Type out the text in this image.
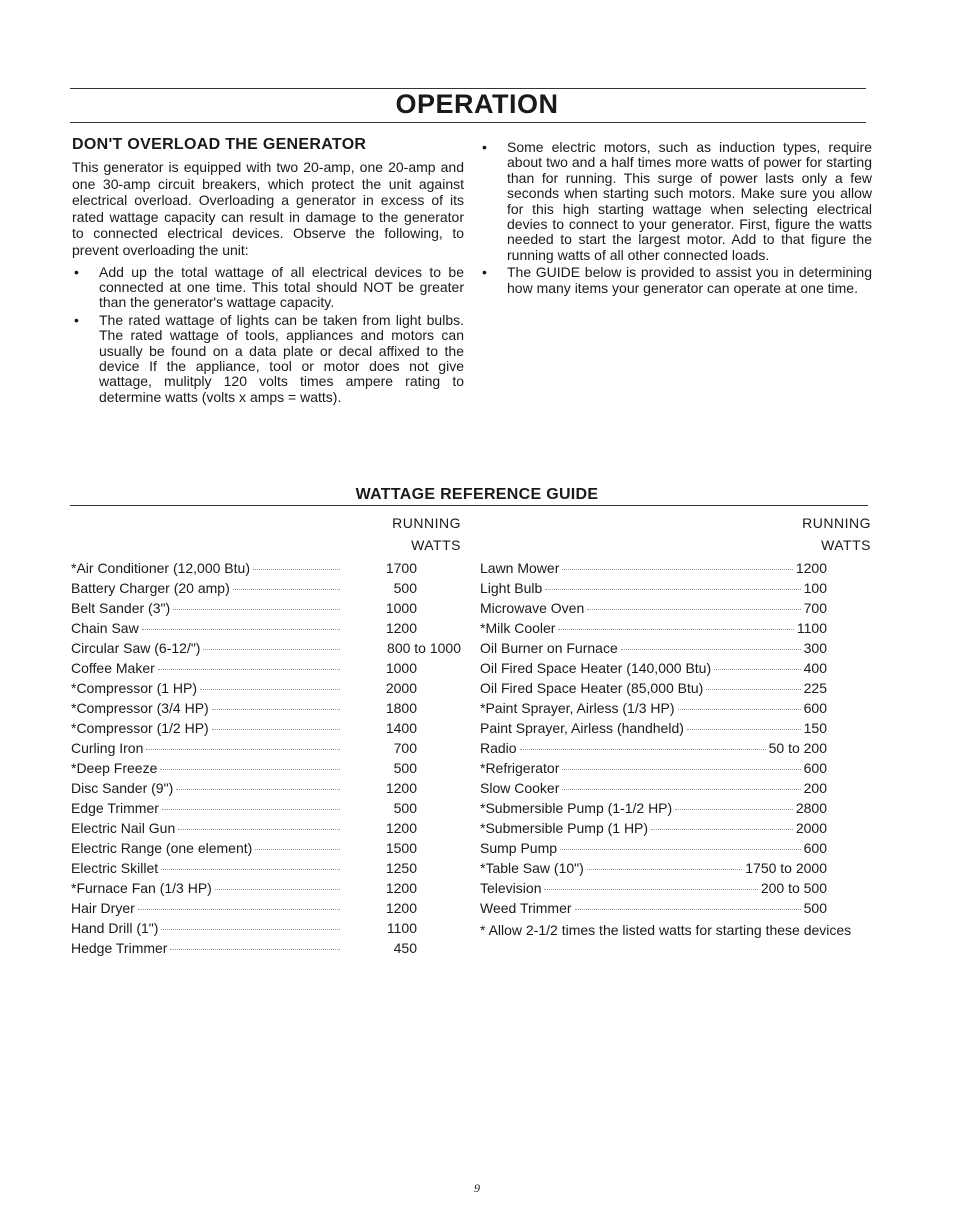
OPERATION
DON'T OVERLOAD THE GENERATOR

This generator is equipped with two 20-amp, one 20-amp and one 30-amp circuit breakers, which protect the unit against electrical overload. Overloading a generator in excess of its rated wattage capacity can result in damage to the generator to connected electrical devices. Observe the following, to prevent overloading the unit:

• Add up the total wattage of all electrical devices to be connected at one time. This total should NOT be greater than the generator's wattage capacity.
• The rated wattage of lights can be taken from light bulbs. The rated wattage of tools, appliances and motors can usually be found on a data plate or decal affixed to the device If the appliance, tool or motor does not give wattage, mulitply 120 volts times ampere rating to determine watts (volts x amps = watts).
• Some electric motors, such as induction types, require about two and a half times more watts of power for starting than for running. This surge of power lasts only a few seconds when starting such motors. Make sure you allow for this high starting wattage when selecting electrical devies to connect to your generator. First, figure the watts needed to start the largest motor. Add to that figure the running watts of all other connected loads.
• The GUIDE below is provided to assist you in determining how many items your generator can operate at one time.
WATTAGE REFERENCE GUIDE
RUNNING
WATTS
*Air Conditioner (12,000 Btu)	1700
Battery Charger (20 amp)	500
Belt Sander (3")	1000
Chain Saw	1200
Circular Saw (6-12/")	800 to 1000
Coffee Maker	1000
*Compressor (1 HP)	2000
*Compressor (3/4 HP)	1800
*Compressor (1/2 HP)	1400
Curling Iron	700
*Deep Freeze	500
Disc Sander (9")	1200
Edge Trimmer	500
Electric Nail Gun	1200
Electric Range (one element)	1500
Electric Skillet	1250
*Furnace Fan (1/3 HP)	1200
Hair Dryer	1200
Hand Drill (1")	1100
Hedge Trimmer	450
RUNNING
WATTS
Lawn Mower	1200
Light Bulb	100
Microwave Oven	700
*Milk Cooler	1100
Oil Burner on Furnace	300
Oil Fired Space Heater (140,000 Btu)	400
Oil Fired Space Heater (85,000 Btu)	225
*Paint Sprayer, Airless (1/3 HP)	600
Paint Sprayer, Airless (handheld)	150
Radio	50 to 200
*Refrigerator	600
Slow Cooker	200
*Submersible Pump (1-1/2 HP)	2800
*Submersible Pump (1 HP)	2000
Sump Pump	600
*Table Saw (10")	1750 to 2000
Television	200 to 500
Weed Trimmer	500
* Allow 2-1/2 times the listed watts for starting these devices
9
